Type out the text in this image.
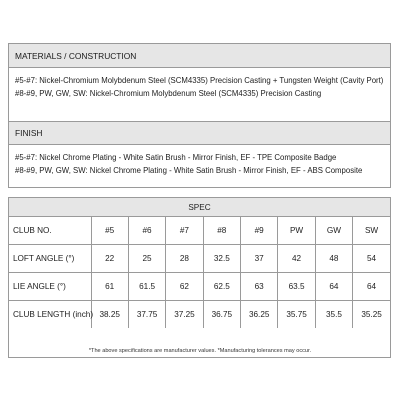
MATERIALS / CONSTRUCTION
#5-#7: Nickel-Chromium Molybdenum Steel (SCM4335) Precision Casting + Tungsten Weight (Cavity Port)
#8-#9, PW, GW, SW: Nickel-Chromium Molybdenum Steel (SCM4335) Precision Casting
FINISH
#5-#7: Nickel Chrome Plating - White Satin Brush - Mirror Finish, EF - TPE Composite Badge
#8-#9, PW, GW, SW: Nickel Chrome Plating - White Satin Brush - Mirror Finish, EF - ABS Composite
SPEC								
CLUB NO.	#5	#6	#7	#8	#9	PW	GW	SW
LOFT ANGLE (°)	22	25	28	32.5	37	42	48	54
LIE ANGLE (°)	61	61.5	62	62.5	63	63.5	64	64
CLUB LENGTH (inch)	38.25	37.75	37.25	36.75	36.25	35.75	35.5	35.25
*The above specifications are manufacturer values. *Manufacturing tolerances may occur.
